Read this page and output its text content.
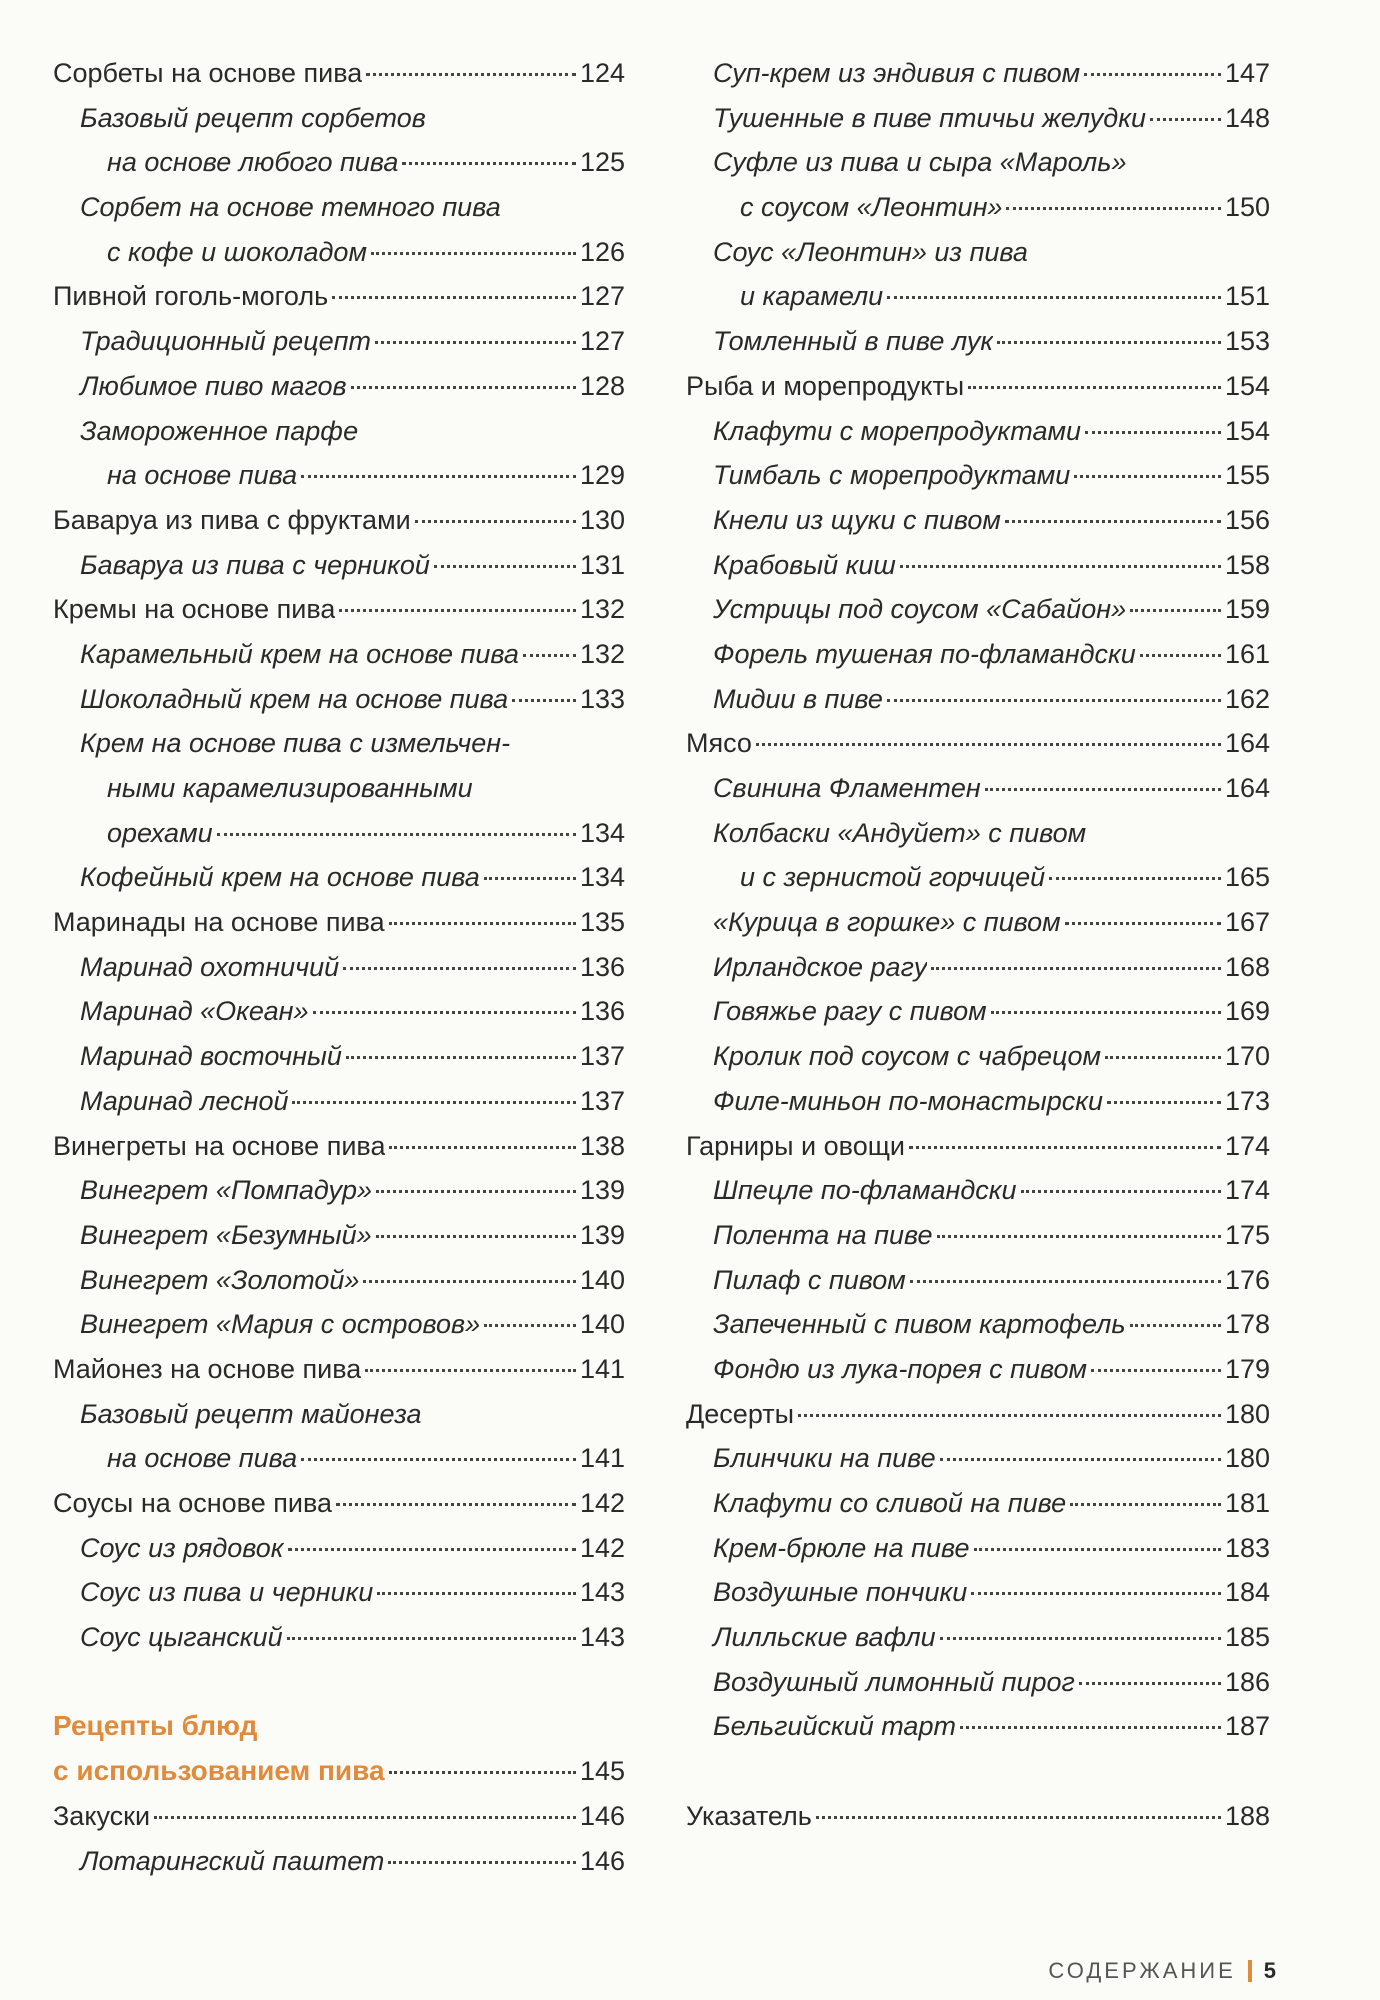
Сорбеты на основе пива	124
Базовый рецепт сорбетов
на основе любого пива	125
Сорбет на основе темного пива
с кофе и шоколадом	126
Пивной гоголь-моголь	127
Традиционный рецепт	127
Любимое пиво магов	128
Замороженное парфе
на основе пива	129
Баваруа из пива с фруктами	130
Баваруа из пива с черникой	131
Кремы на основе пива	132
Карамельный крем на основе пива 132
Шоколадный крем на основе пива	133
Крем на основе пива с измельчен-
ными карамелизированными
орехами	134
Кофейный крем на основе пива	134
Маринады на основе пива	135
Маринад охотничий	136
Маринад «Океан»	136
Маринад восточный	137
Маринад лесной	137
Винегреты на основе пива	138
Винегрет «Помпадур»	139
Винегрет «Безумный»	139
Винегрет «Золотой»	140
Винегрет «Мария с островов»	140
Майонез на основе пива	141
Базовый рецепт майонеза
на основе пива	141
Соусы на основе пива	142
Соус из рядовок	142
Соус из пива и черники	143
Соус цыганский	143
Рецепты блюд
с использованием пива	145
Закуски	146
Лотарингский паштет	146
Суп-крем из эндивия с пивом	147
Тушенные в пиве птичьи желудки	148
Суфле из пива и сыра «Мароль»
с соусом «Леонтин»	150
Соус «Леонтин» из пива
и карамели	151
Томленный в пиве лук	153
Рыба и морепродукты	154
Клафути с морепродуктами	154
Тимбаль с морепродуктами	155
Кнели из щуки с пивом	156
Крабовый киш	158
Устрицы под соусом «Сабайон»	159
Форель тушеная по-фламандски	161
Мидии в пиве	162
Мясо	164
Свинина Фламентен	164
Колбаски «Андуйет» с пивом
и с зернистой горчицей	165
«Курица в горшке» с пивом	167
Ирландское рагу	168
Говяжье рагу с пивом	169
Кролик под соусом с чабрецом	170
Филе-миньон по-монастырски	173
Гарниры и овощи	174
Шпецле по-фламандски	174
Полента на пиве	175
Пилаф с пивом	176
Запеченный с пивом картофель	178
Фондю из лука-порея с пивом	179
Десерты	180
Блинчики на пиве	180
Клафути со сливой на пиве	181
Крем-брюле на пиве	183
Воздушные пончики	184
Лилльские вафли	185
Воздушный лимонный пирог	186
Бельгийский тарт	187
Указатель	188
СОДЕРЖАНИЕ 5
